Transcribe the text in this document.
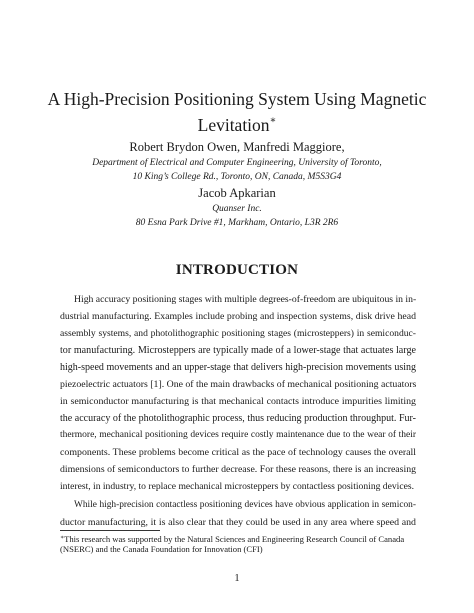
A High-Precision Positioning System Using Magnetic
Levitation∗
Robert Brydon Owen, Manfredi Maggiore,
Department of Electrical and Computer Engineering, University of Toronto,
10 King’s College Rd., Toronto, ON, Canada, M5S3G4
Jacob Apkarian
Quanser Inc.
80 Esna Park Drive #1, Markham, Ontario, L3R 2R6
INTRODUCTION
High accuracy positioning stages with multiple degrees-of-freedom are ubiquitous in in-
dustrial manufacturing. Examples include probing and inspection systems, disk drive head
assembly systems, and photolithographic positioning stages (microsteppers) in semiconduc-
tor manufacturing. Microsteppers are typically made of a lower-stage that actuates large
high-speed movements and an upper-stage that delivers high-precision movements using
piezoelectric actuators [1]. One of the main drawbacks of mechanical positioning actuators
in semiconductor manufacturing is that mechanical contacts introduce impurities limiting
the accuracy of the photolithographic process, thus reducing production throughput. Fur-
thermore, mechanical positioning devices require costly maintenance due to the wear of their
components. These problems become critical as the pace of technology causes the overall
dimensions of semiconductors to further decrease. For these reasons, there is an increasing
interest, in industry, to replace mechanical microsteppers by contactless positioning devices.
While high-precision contactless positioning devices have obvious application in semicon-
ductor manufacturing, it is also clear that they could be used in any area where speed and
∗This research was supported by the Natural Sciences and Engineering Research Council of Canada
(NSERC) and the Canada Foundation for Innovation (CFI)
1
